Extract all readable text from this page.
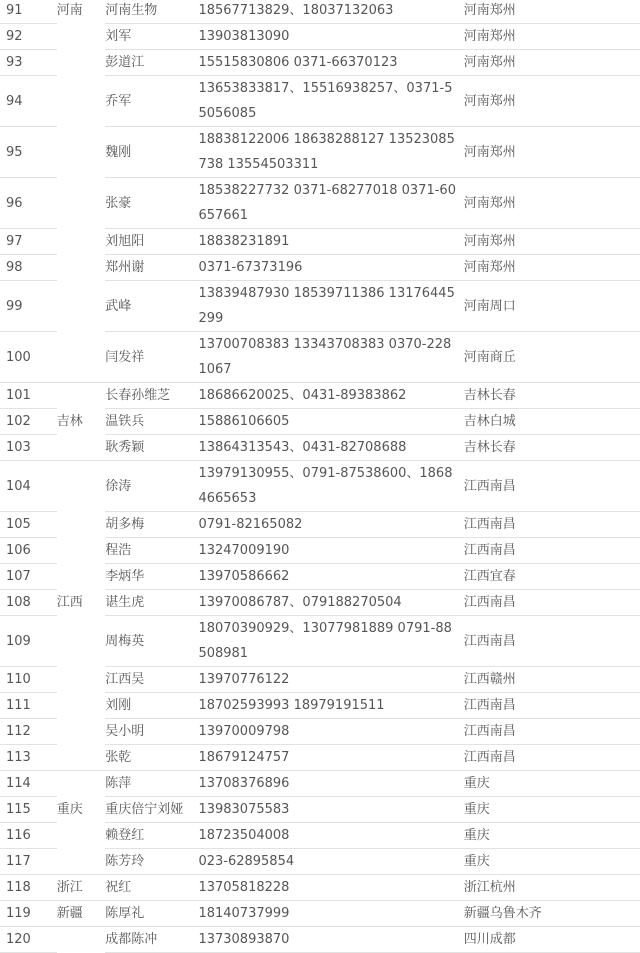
91	河南	河南生物	18567713829、18037132063	河南郑州
92		刘军	13903813090	河南郑州
93		彭道江	15515830806 0371-66370123	河南郑州
94		乔军	13653833817、15516938257、0371-55056085	河南郑州
95		魏刚	18838122006 18638288127 13523085738 13554503311	河南郑州
96		张豪	18538227732 0371-68277018 0371-60657661	河南郑州
97		刘旭阳	18838231891	河南郑州
98		郑州谢	0371-67373196	河南郑州
99		武峰	13839487930 18539711386 13176445299	河南周口
100		闫发祥	13700708383 13343708383 0370-2281067	河南商丘
101		长春孙维芝	18686620025、0431-89383862	吉林长春
102	吉林	温铁兵	15886106605	吉林白城
103		耿秀颖	13864313543、0431-82708688	吉林长春
104		徐涛	13979130955、0791-87538600、18684665653	江西南昌
105		胡多梅	0791-82165082	江西南昌
106		程浩	13247009190	江西南昌
107		李炳华	13970586662	江西宜春
108	江西	谌生虎	13970086787、079188270504	江西南昌
109		周梅英	18070390929、13077981889 0791-88508981	江西南昌
110		江西吴	13970776122	江西赣州
111		刘刚	18702593993 18979191511	江西南昌
112		吴小明	13970009798	江西南昌
113		张乾	18679124757	江西南昌
114		陈萍	13708376896	重庆
115	重庆	重庆倍宁刘娅	13983075583	重庆
116		赖登红	18723504008	重庆
117		陈芳玲	023-62895854	重庆
118	浙江	祝红	13705818228	浙江杭州
119	新疆	陈厚礼	18140737999	新疆乌鲁木齐
120		成都陈冲	13730893870	四川成都
